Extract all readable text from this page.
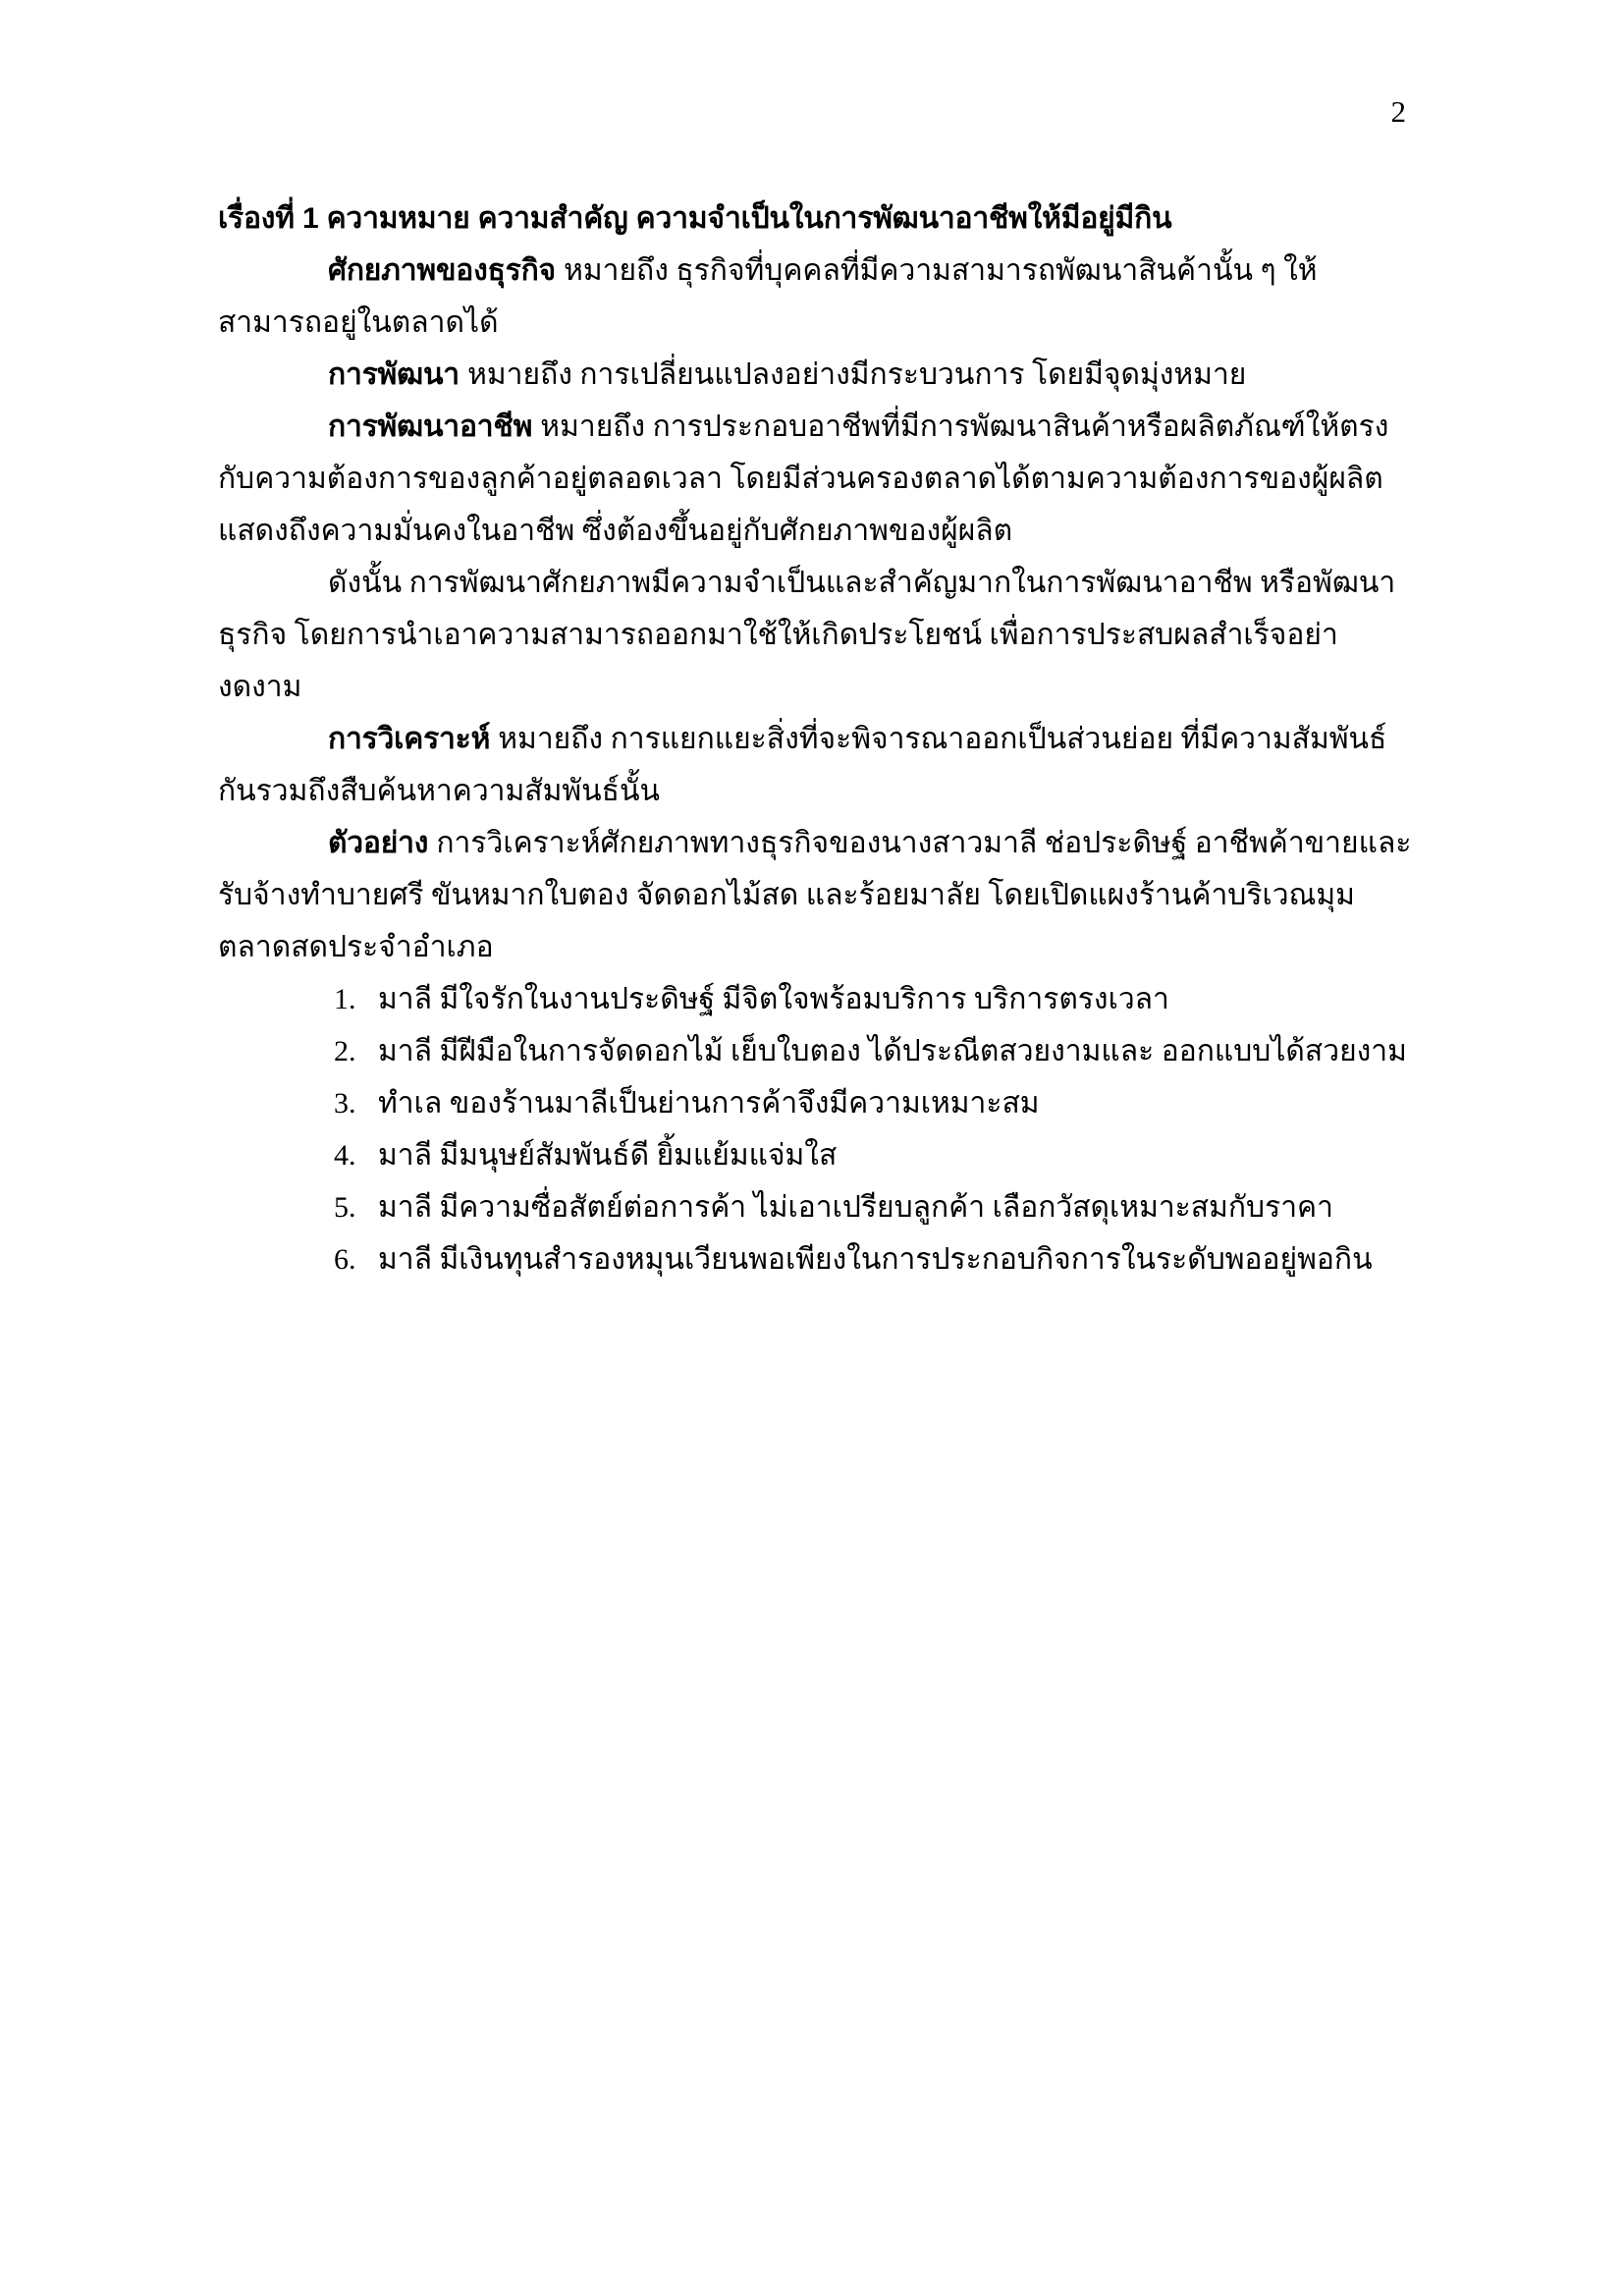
2
เรื่องที่ 1 ความหมาย ความสำคัญ ความจำเป็นในการพัฒนาอาชีพให้มีอยู่มีกิน

ศักยภาพของธุรกิจ หมายถึง ธุรกิจที่บุคคลที่มีความสามารถพัฒนาสินค้านั้น ๆ ให้สามารถอยู่ในตลาดได้

การพัฒนา หมายถึง การเปลี่ยนแปลงอย่างมีกระบวนการ โดยมีจุดมุ่งหมาย

การพัฒนาอาชีพ หมายถึง การประกอบอาชีพที่มีการพัฒนาสินค้าหรือผลิตภัณฑ์ให้ตรงกับความต้องการของลูกค้าอยู่ตลอดเวลา โดยมีส่วนครองตลาดได้ตามความต้องการของผู้ผลิต แสดงถึงความมั่นคงในอาชีพ ซึ่งต้องขึ้นอยู่กับศักยภาพของผู้ผลิต

ดังนั้น การพัฒนาศักยภาพมีความจำเป็นและสำคัญมากในการพัฒนาอาชีพ หรือพัฒนาธุรกิจ โดยการนำเอาความสามารถออกมาใช้ให้เกิดประโยชน์ เพื่อการประสบผลสำเร็จอย่างดงาม

การวิเคราะห์ หมายถึง การแยกแยะสิ่งที่จะพิจารณาออกเป็นส่วนย่อย ที่มีความสัมพันธ์กันรวมถึงสืบค้นหาความสัมพันธ์นั้น

ตัวอย่าง การวิเคราะห์ศักยภาพทางธุรกิจของนางสาวมาลี ช่อประดิษฐ์ อาชีพค้าขายและรับจ้างทำบายศรี ขันหมากใบตอง จัดดอกไม้สด และร้อยมาลัย โดยเปิดแผงร้านค้าบริเวณมุมตลาดสดประจำอำเภอ

1. มาลี มีใจรักในงานประดิษฐ์ มีจิตใจพร้อมบริการ บริการตรงเวลา
2. มาลี มีฝีมือในการจัดดอกไม้ เย็บใบตอง ได้ประณีตสวยงามและ ออกแบบได้สวยงาม
3. ทำเล ของร้านมาลีเป็นย่านการค้าจึงมีความเหมาะสม
4. มาลี มีมนุษย์สัมพันธ์ดี ยิ้มแย้มแจ่มใส
5. มาลี มีความซื่อสัตย์ต่อการค้า ไม่เอาเปรียบลูกค้า เลือกวัสดุเหมาะสมกับราคา
6. มาลี มีเงินทุนสำรองหมุนเวียนพอเพียงในการประกอบกิจการในระดับพออยู่พอกิน
